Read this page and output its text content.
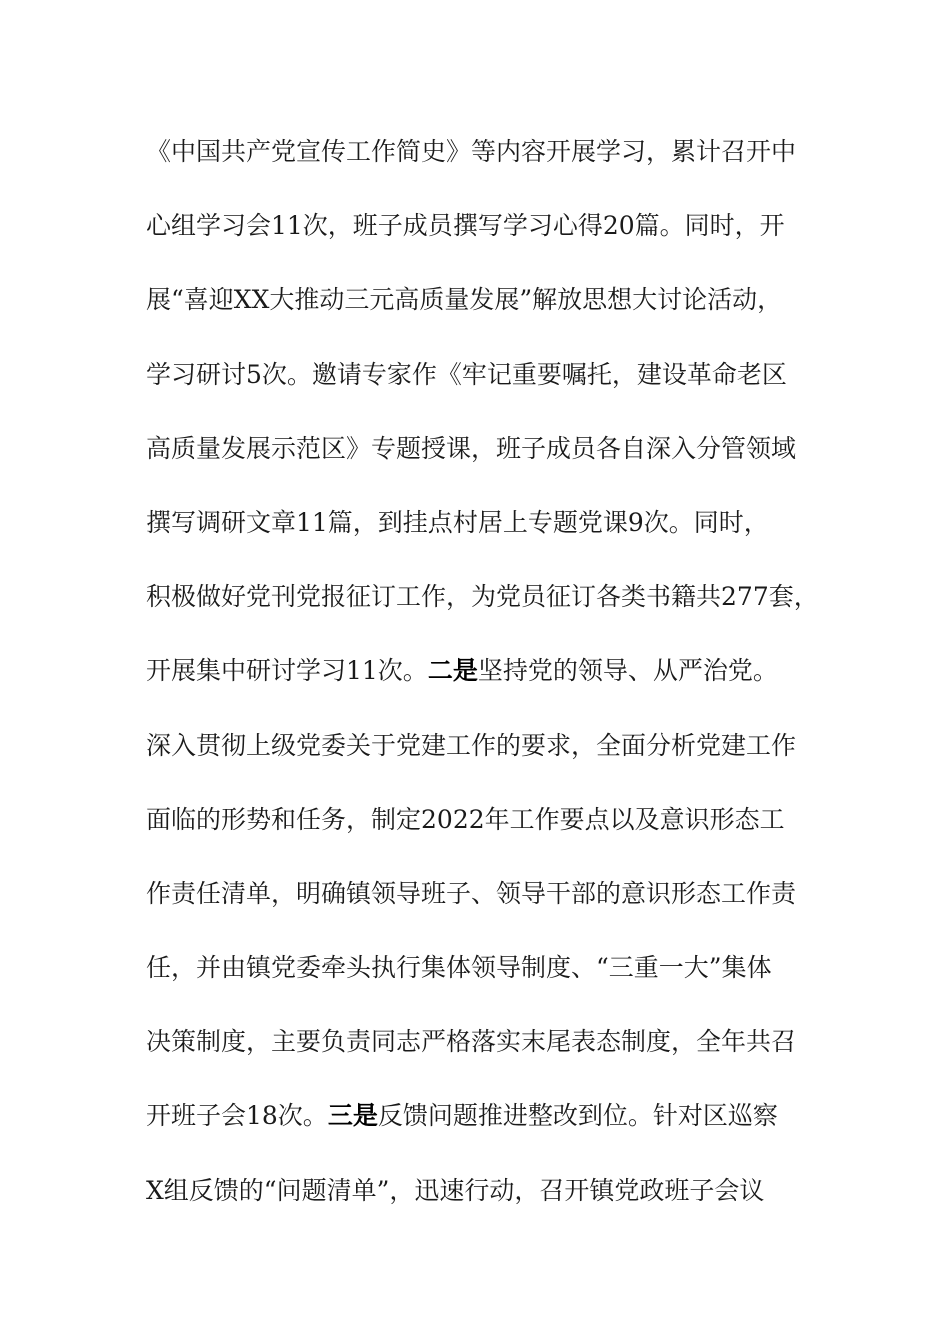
《中国共产党宣传工作简史》等内容开展学习，累计召开中
心组学习会11次，班子成员撰写学习心得20篇。同时，开
展“喜迎XX大推动三元高质量发展”解放思想大讨论活动，
学习研讨5次。邀请专家作《牢记重要嘱托，建设革命老区
高质量发展示范区》专题授课，班子成员各自深入分管领域
撰写调研文章11篇，到挂点村居上专题党课9次。同时，
积极做好党刊党报征订工作，为党员征订各类书籍共277套，
开展集中研讨学习11次。二是坚持党的领导、从严治党。
深入贯彻上级党委关于党建工作的要求，全面分析党建工作
面临的形势和任务，制定2022年工作要点以及意识形态工
作责任清单，明确镇领导班子、领导干部的意识形态工作责
任，并由镇党委牵头执行集体领导制度、“三重一大”集体
决策制度，主要负责同志严格落实末尾表态制度，全年共召
开班子会18次。三是反馈问题推进整改到位。针对区巡察
X组反馈的“问题清单”，迅速行动，召开镇党政班子会议
